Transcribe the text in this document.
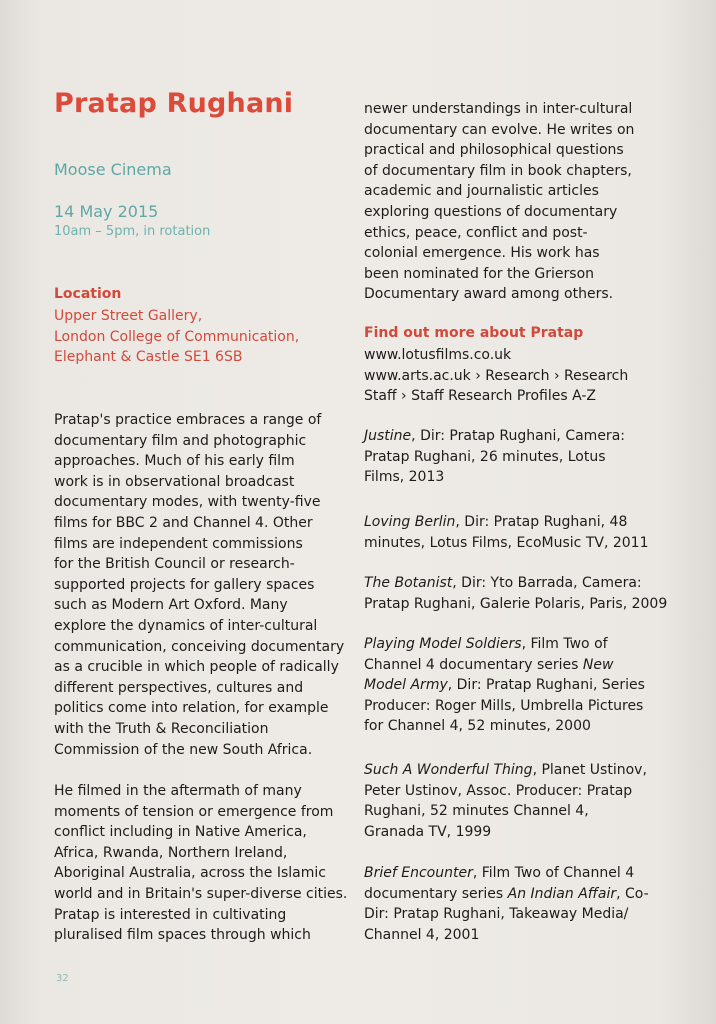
Pratap Rughani
Moose Cinema
14 May 2015
10am – 5pm, in rotation
Location
Upper Street Gallery,
London College of Communication,
Elephant & Castle SE1 6SB
Pratap's practice embraces a range of
documentary film and photographic
approaches. Much of his early film
work is in observational broadcast
documentary modes, with twenty-five
films for BBC 2 and Channel 4. Other
films are independent commissions
for the British Council or research-
supported projects for gallery spaces
such as Modern Art Oxford. Many
explore the dynamics of inter-cultural
communication, conceiving documentary
as a crucible in which people of radically
different perspectives, cultures and
politics come into relation, for example
with the Truth & Reconciliation
Commission of the new South Africa.
He filmed in the aftermath of many
moments of tension or emergence from
conflict including in Native America,
Africa, Rwanda, Northern Ireland,
Aboriginal Australia, across the Islamic
world and in Britain's super-diverse cities.
Pratap is interested in cultivating
pluralised film spaces through which
newer understandings in inter-cultural
documentary can evolve. He writes on
practical and philosophical questions
of documentary film in book chapters,
academic and journalistic articles
exploring questions of documentary
ethics, peace, conflict and post-
colonial emergence. His work has
been nominated for the Grierson
Documentary award among others.
Find out more about Pratap
www.lotusfilms.co.uk
www.arts.ac.uk › Research › Research
Staff › Staff Research Profiles A-Z
Justine, Dir: Pratap Rughani, Camera:
Pratap Rughani, 26 minutes, Lotus
Films, 2013
Loving Berlin, Dir: Pratap Rughani, 48
minutes, Lotus Films, EcoMusic TV, 2011
The Botanist, Dir: Yto Barrada, Camera:
Pratap Rughani, Galerie Polaris, Paris, 2009
Playing Model Soldiers, Film Two of
Channel 4 documentary series New
Model Army, Dir: Pratap Rughani, Series
Producer: Roger Mills, Umbrella Pictures
for Channel 4, 52 minutes, 2000
Such A Wonderful Thing, Planet Ustinov,
Peter Ustinov, Assoc. Producer: Pratap
Rughani, 52 minutes Channel 4,
Granada TV, 1999
Brief Encounter, Film Two of Channel 4
documentary series An Indian Affair, Co-
Dir: Pratap Rughani, Takeaway Media/
Channel 4, 2001
32
